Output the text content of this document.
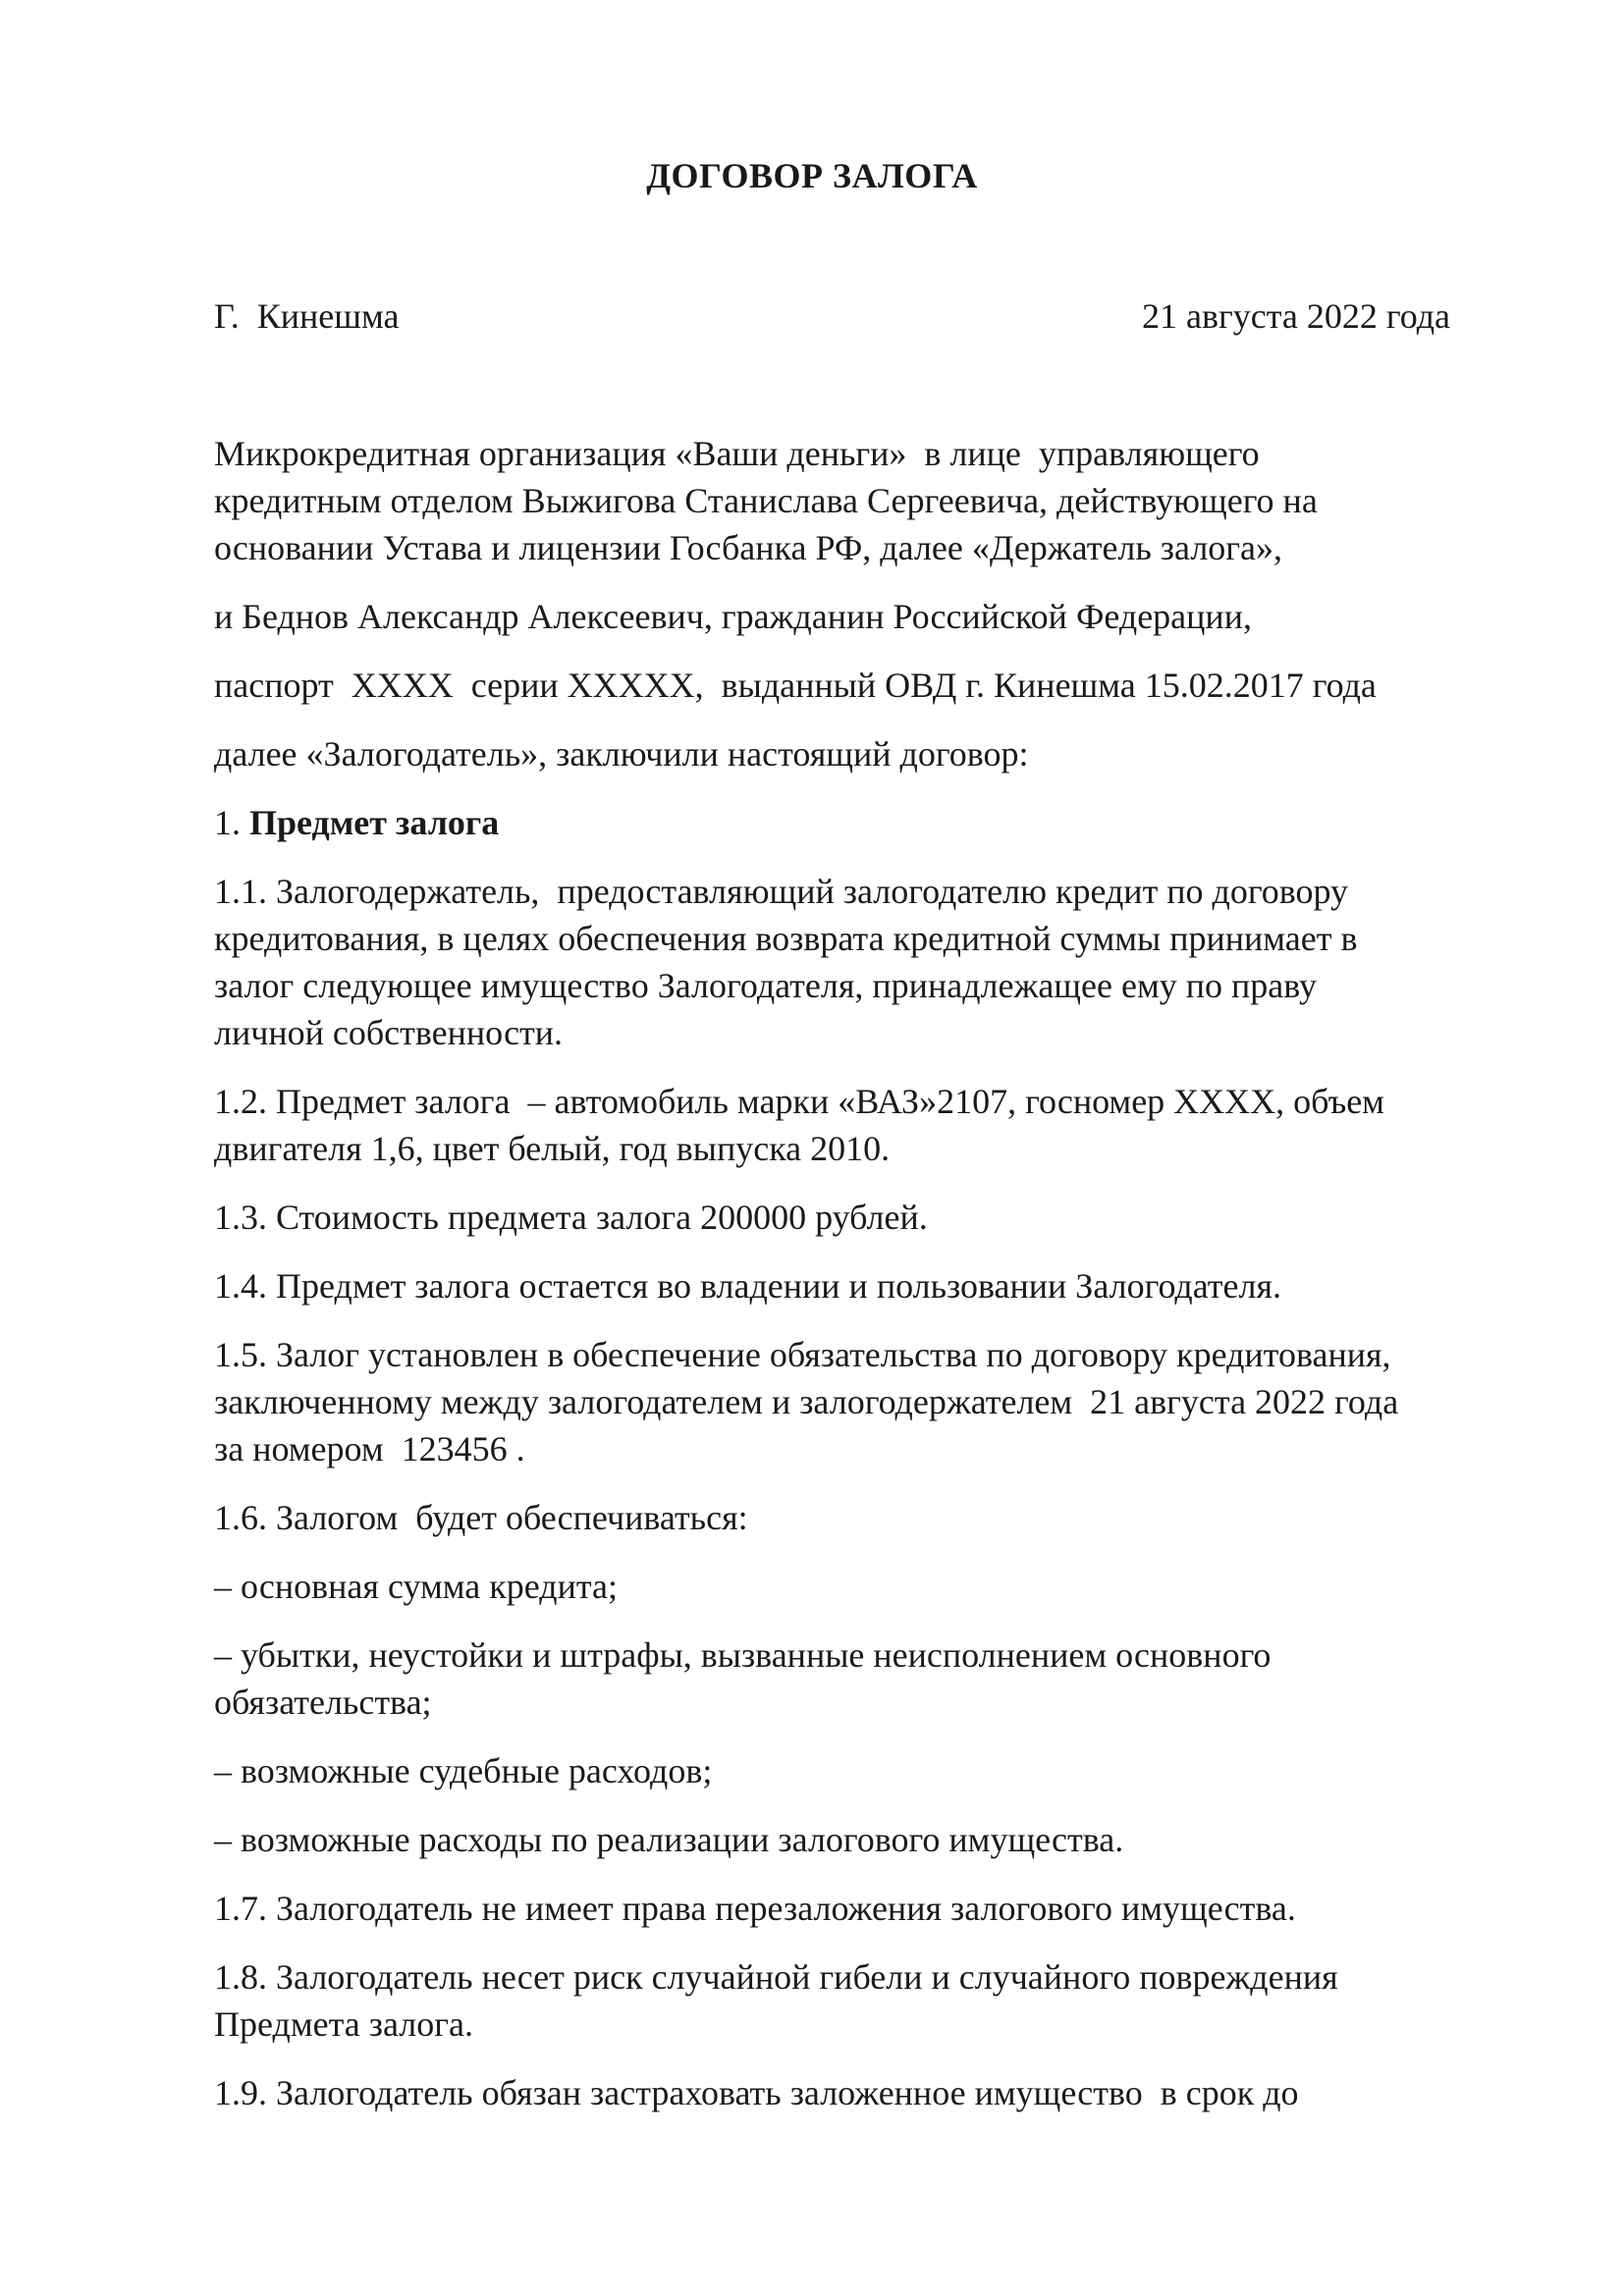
ДОГОВОР ЗАЛОГА
Г.  Кинешма	21 августа 2022 года
Микрокредитная организация «Ваши деньги»  в лице  управляющего
кредитным отделом Выжигова Станислава Сергеевича, действующего на
основании Устава и лицензии Госбанка РФ, далее «Держатель залога»,
и Беднов Александр Алексеевич, гражданин Российской Федерации,
паспорт  XXXX  серии XXXXX,  выданный ОВД г. Кинешма 15.02.2017 года
далее «Залогодатель», заключили настоящий договор:
1. Предмет залога
1.1. Залогодержатель,  предоставляющий залогодателю кредит по договору
кредитования, в целях обеспечения возврата кредитной суммы принимает в
залог следующее имущество Залогодателя, принадлежащее ему по праву
личной собственности.
1.2. Предмет залога  – автомобиль марки «ВАЗ»2107, госномер XXXX, объем
двигателя 1,6, цвет белый, год выпуска 2010.
1.3. Стоимость предмета залога 200000 рублей.
1.4. Предмет залога остается во владении и пользовании Залогодателя.
1.5. Залог установлен в обеспечение обязательства по договору кредитования,
заключенному между залогодателем и залогодержателем  21 августа 2022 года
за номером  123456 .
1.6. Залогом  будет обеспечиваться:
– основная сумма кредита;
– убытки, неустойки и штрафы, вызванные неисполнением основного
обязательства;
– возможные судебные расходов;
– возможные расходы по реализации залогового имущества.
1.7. Залогодатель не имеет права перезаложения залогового имущества.
1.8. Залогодатель несет риск случайной гибели и случайного повреждения
Предмета залога.
1.9. Залогодатель обязан застраховать заложенное имущество  в срок до
